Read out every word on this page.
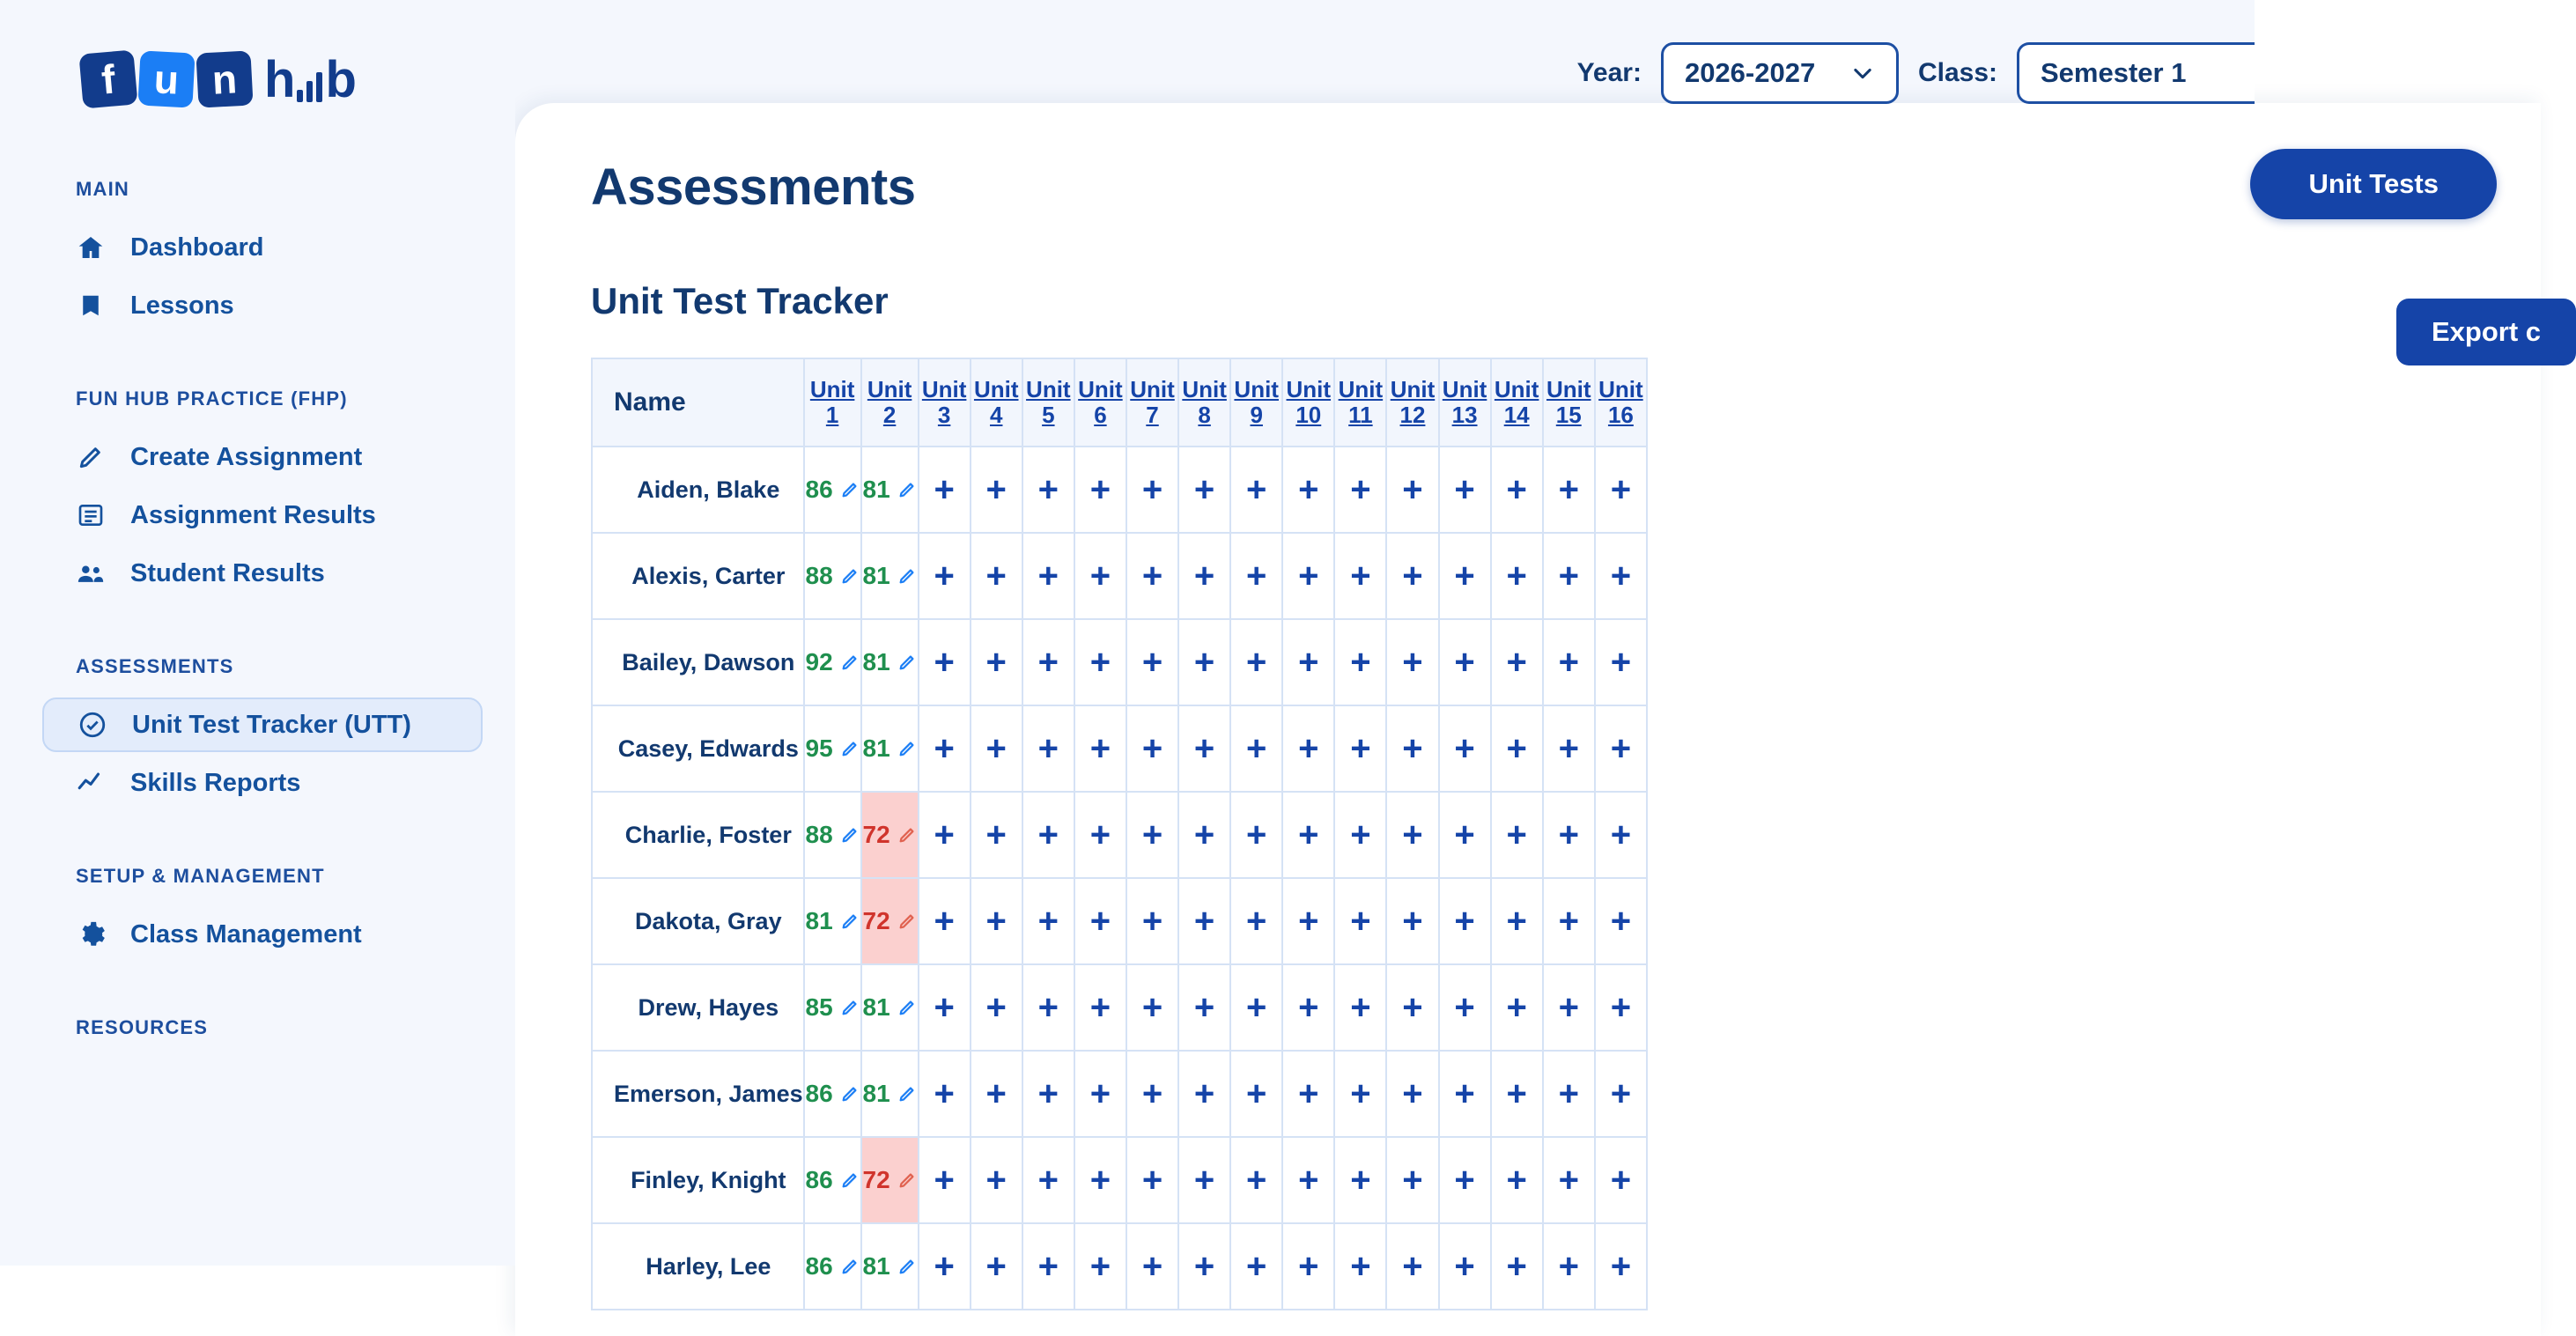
f u n h b
MAIN
Dashboard
Lessons
FUN HUB PRACTICE (FHP)
Create Assignment
Assignment Results
Student Results
ASSESSMENTS
Unit Test Tracker (UTT)
Skills Reports
SETUP & MANAGEMENT
Class Management
RESOURCES
Year: 2026-2027	Class: Semester 1
Assessments	Unit Tests
Unit Test Tracker
Export c
Name	Unit 1	Unit 2	Unit 3	Unit 4	Unit 5	Unit 6	Unit 7	Unit 8	Unit 9	Unit 10	Unit 11	Unit 12	Unit 13	Unit 14	Unit 15	Unit 16

Aiden, Blake	86	81	+	+	+	+	+	+	+	+	+	+	+	+	+	+

Alexis, Carter	88	81	+	+	+	+	+	+	+	+	+	+	+	+	+	+

Bailey, Dawson	92	81	+	+	+	+	+	+	+	+	+	+	+	+	+	+

Casey, Edwards	95	81	+	+	+	+	+	+	+	+	+	+	+	+	+	+

Charlie, Foster	88	72	+	+	+	+	+	+	+	+	+	+	+	+	+	+

Dakota, Gray	81	72	+	+	+	+	+	+	+	+	+	+	+	+	+	+

Drew, Hayes	85	81	+	+	+	+	+	+	+	+	+	+	+	+	+	+

Emerson, James	86	81	+	+	+	+	+	+	+	+	+	+	+	+	+	+

Finley, Knight	86	72	+	+	+	+	+	+	+	+	+	+	+	+	+	+

Harley, Lee	86	81	+	+	+	+	+	+	+	+	+	+	+	+	+	+
